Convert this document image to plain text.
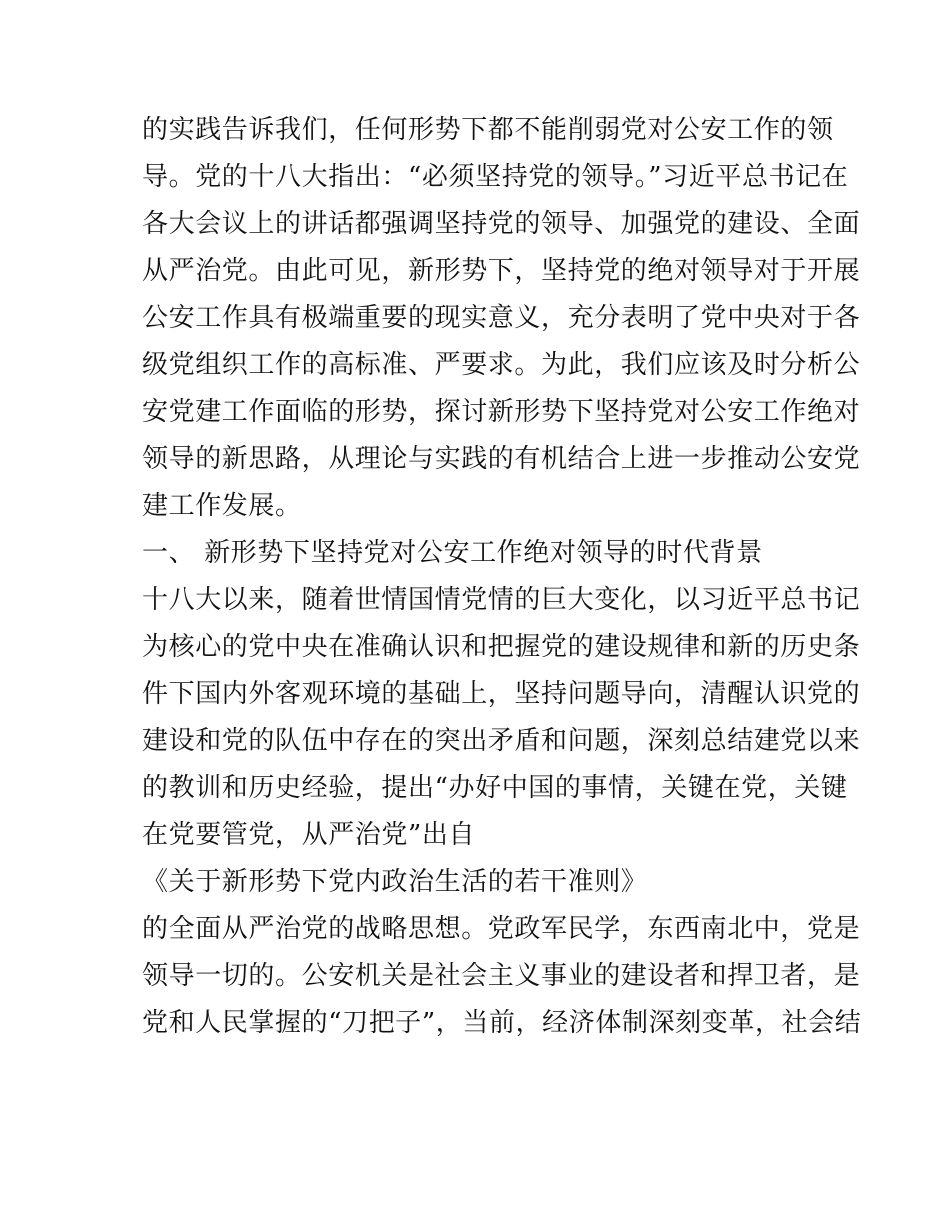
的实践告诉我们，任何形势下都不能削弱党对公安工作的领
导。党的十八大指出：“必须坚持党的领导。”习近平总书记在
各大会议上的讲话都强调坚持党的领导、加强党的建设、全面
从严治党。由此可见，新形势下，坚持党的绝对领导对于开展
公安工作具有极端重要的现实意义，充分表明了党中央对于各
级党组织工作的高标准、严要求。为此，我们应该及时分析公
安党建工作面临的形势，探讨新形势下坚持党对公安工作绝对
领导的新思路，从理论与实践的有机结合上进一步推动公安党
建工作发展。
一、 新形势下坚持党对公安工作绝对领导的时代背景
十八大以来，随着世情国情党情的巨大变化，以习近平总书记
为核心的党中央在准确认识和把握党的建设规律和新的历史条
件下国内外客观环境的基础上，坚持问题导向，清醒认识党的
建设和党的队伍中存在的突出矛盾和问题，深刻总结建党以来
的教训和历史经验，提出“办好中国的事情，关键在党，关键
在党要管党，从严治党”出自
《关于新形势下党内政治生活的若干准则》
的全面从严治党的战略思想。党政军民学，东西南北中，党是
领导一切的。公安机关是社会主义事业的建设者和捍卫者，是
党和人民掌握的“刀把子”，当前，经济体制深刻变革，社会结
